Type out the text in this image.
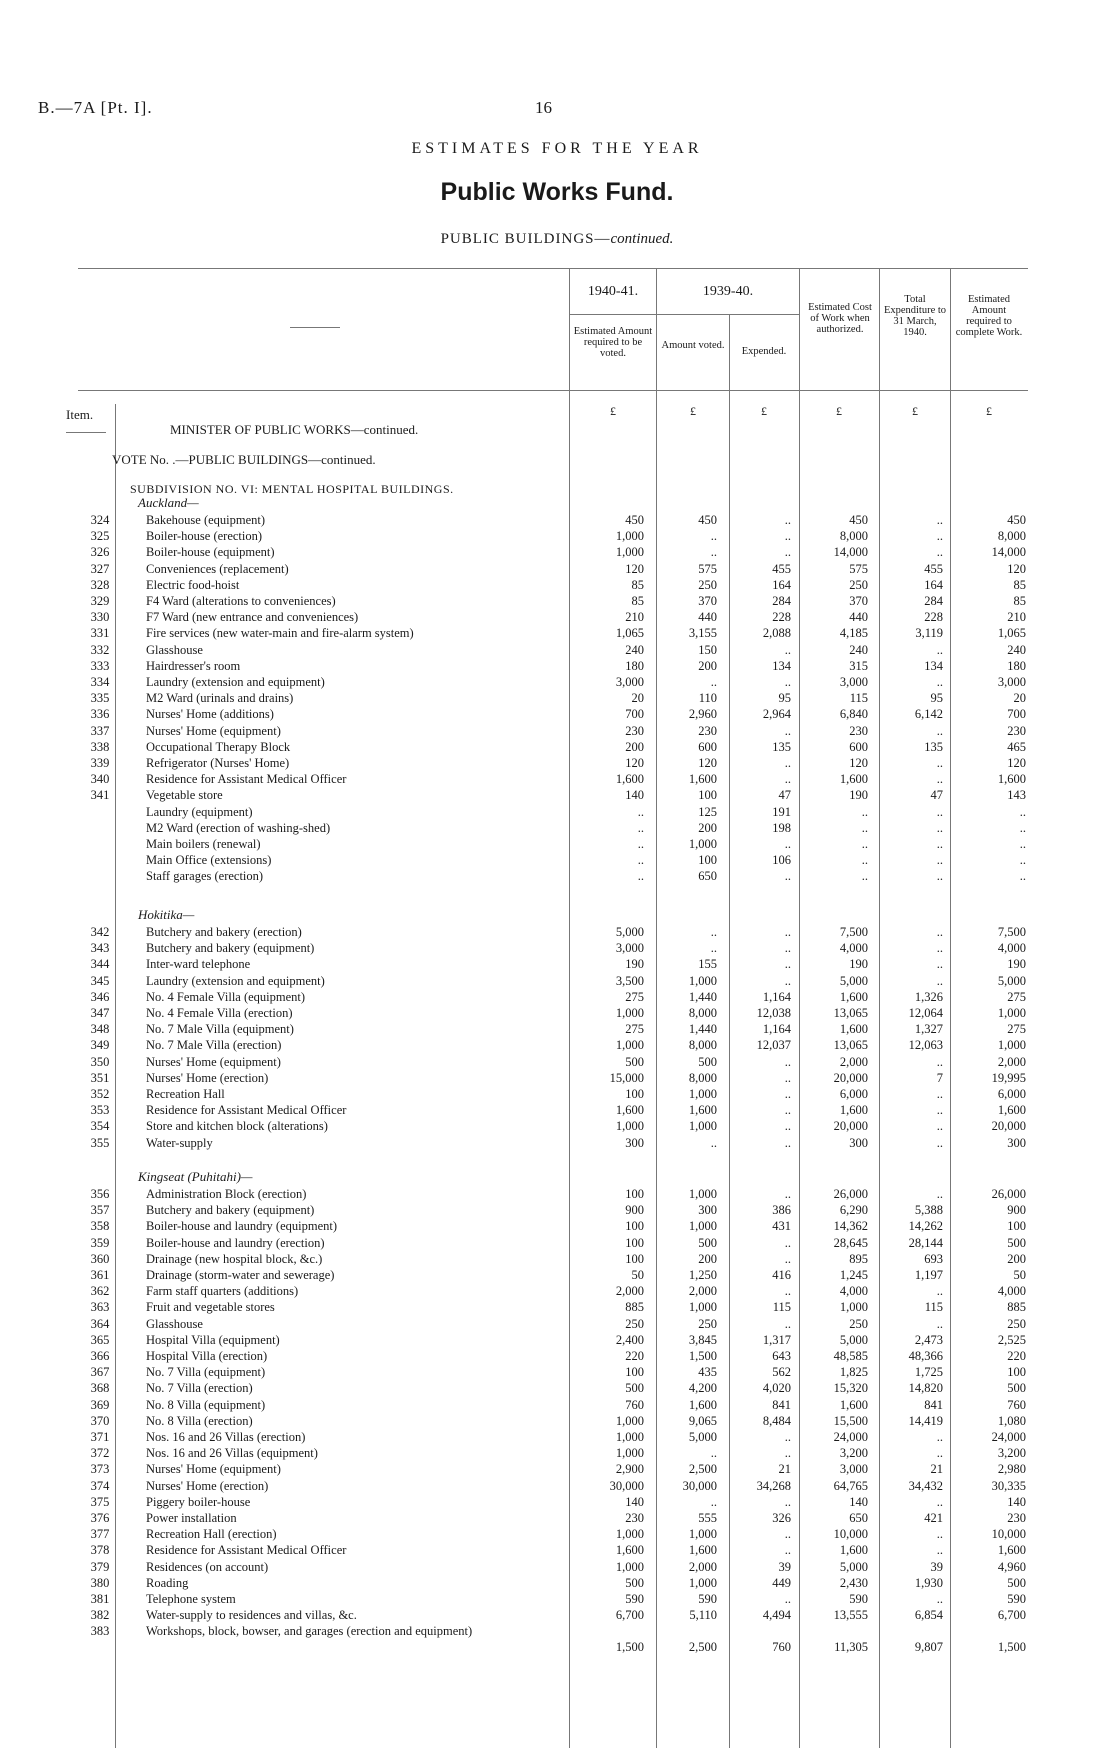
B.—7A [Pt. I].	16
ESTIMATES FOR THE YEAR
Public Works Fund.
PUBLIC BUILDINGS—continued.
1940-41.	1939-40.
Estimated Amount required to be voted.
Amount voted.
Expended.
Estimated Cost of Work when authorized.
Total Expenditure to 31 March, 1940.
Estimated Amount required to complete Work.
£	£	£	£	£	£
Item.
MINISTER OF PUBLIC WORKS—continued.
VOTE No. .—PUBLIC BUILDINGS—continued.
SUBDIVISION NO. VI: MENTAL HOSPITAL BUILDINGS.
Auckland—
324	Bakehouse (equipment)	450	450	..	450	..	450
325	Boiler-house (erection)	1,000	..	..	8,000	..	8,000
326	Boiler-house (equipment)	1,000	..	..	14,000	..	14,000
327	Conveniences (replacement)	120	575	455	575	455	120
328	Electric food-hoist	85	250	164	250	164	85
329	F4 Ward (alterations to conveniences)	85	370	284	370	284	85
330	F7 Ward (new entrance and conveniences)	210	440	228	440	228	210
331	Fire services (new water-main and fire-alarm system)	1,065	3,155	2,088	4,185	3,119	1,065
332	Glasshouse	240	150	..	240	..	240
333	Hairdresser's room	180	200	134	315	134	180
334	Laundry (extension and equipment)	3,000	..	..	3,000	..	3,000
335	M2 Ward (urinals and drains)	20	110	95	115	95	20
336	Nurses' Home (additions)	700	2,960	2,964	6,840	6,142	700
337	Nurses' Home (equipment)	230	230	..	230	..	230
338	Occupational Therapy Block	200	600	135	600	135	465
339	Refrigerator (Nurses' Home)	120	120	..	120	..	120
340	Residence for Assistant Medical Officer	1,600	1,600	..	1,600	..	1,600
341	Vegetable store	140	100	47	190	47	143
Laundry (equipment)	..	125	191	..	..	..
M2 Ward (erection of washing-shed)	..	200	198	..	..	..
Main boilers (renewal)	..	1,000	..	..	..	..
Main Office (extensions)	..	100	106	..	..	..
Staff garages (erection)	..	650	..	..	..	..
Hokitika—
342	Butchery and bakery (erection)	5,000	..	..	7,500	..	7,500
343	Butchery and bakery (equipment)	3,000	..	..	4,000	..	4,000
344	Inter-ward telephone	190	155	..	190	..	190
345	Laundry (extension and equipment)	3,500	1,000	..	5,000	..	5,000
346	No. 4 Female Villa (equipment)	275	1,440	1,164	1,600	1,326	275
347	No. 4 Female Villa (erection)	1,000	8,000	12,038	13,065	12,064	1,000
348	No. 7 Male Villa (equipment)	275	1,440	1,164	1,600	1,327	275
349	No. 7 Male Villa (erection)	1,000	8,000	12,037	13,065	12,063	1,000
350	Nurses' Home (equipment)	500	500	..	2,000	..	2,000
351	Nurses' Home (erection)	15,000	8,000	..	20,000	7	19,995
352	Recreation Hall	100	1,000	..	6,000	..	6,000
353	Residence for Assistant Medical Officer	1,600	1,600	..	1,600	..	1,600
354	Store and kitchen block (alterations)	1,000	1,000	..	20,000	..	20,000
355	Water-supply	300	..	..	300	..	300
Kingseat (Puhitahi)—
356	Administration Block (erection)	100	1,000	..	26,000	..	26,000
357	Butchery and bakery (equipment)	900	300	386	6,290	5,388	900
358	Boiler-house and laundry (equipment)	100	1,000	431	14,362	14,262	100
359	Boiler-house and laundry (erection)	100	500	..	28,645	28,144	500
360	Drainage (new hospital block, &c.)	100	200	..	895	693	200
361	Drainage (storm-water and sewerage)	50	1,250	416	1,245	1,197	50
362	Farm staff quarters (additions)	2,000	2,000	..	4,000	..	4,000
363	Fruit and vegetable stores	885	1,000	115	1,000	115	885
364	Glasshouse	250	250	..	250	..	250
365	Hospital Villa (equipment)	2,400	3,845	1,317	5,000	2,473	2,525
366	Hospital Villa (erection)	220	1,500	643	48,585	48,366	220
367	No. 7 Villa (equipment)	100	435	562	1,825	1,725	100
368	No. 7 Villa (erection)	500	4,200	4,020	15,320	14,820	500
369	No. 8 Villa (equipment)	760	1,600	841	1,600	841	760
370	No. 8 Villa (erection)	1,000	9,065	8,484	15,500	14,419	1,080
371	Nos. 16 and 26 Villas (erection)	1,000	5,000	..	24,000	..	24,000
372	Nos. 16 and 26 Villas (equipment)	1,000	..	..	3,200	..	3,200
373	Nurses' Home (equipment)	2,900	2,500	21	3,000	21	2,980
374	Nurses' Home (erection)	30,000	30,000	34,268	64,765	34,432	30,335
375	Piggery boiler-house	140	..	..	140	..	140
376	Power installation	230	555	326	650	421	230
377	Recreation Hall (erection)	1,000	1,000	..	10,000	..	10,000
378	Residence for Assistant Medical Officer	1,600	1,600	..	1,600	..	1,600
379	Residences (on account)	1,000	2,000	39	5,000	39	4,960
380	Roading	500	1,000	449	2,430	1,930	500
381	Telephone system	590	590	..	590	..	590
382	Water-supply to residences and villas, &c.	6,700	5,110	4,494	13,555	6,854	6,700
383	Workshops, block, bowser, and garages (erection and equipment)
1,500	2,500	760	11,305	9,807	1,500
